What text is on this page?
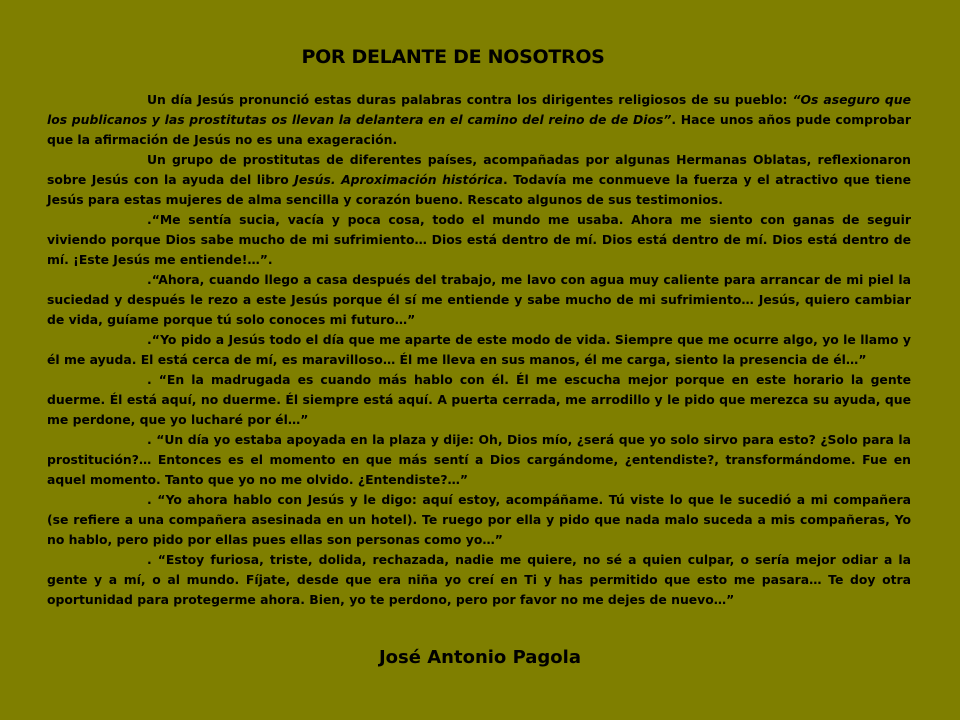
POR DELANTE DE NOSOTROS

Un día Jesús pronunció estas duras palabras contra los dirigentes religiosos de su pueblo: “Os aseguro que los publicanos y las prostitutas os llevan la delantera en el camino del reino de de Dios”. Hace unos años pude comprobar que la afirmación de Jesús no es una exageración.

Un grupo de prostitutas de diferentes países, acompañadas por algunas Hermanas Oblatas, reflexionaron sobre Jesús con la ayuda del libro Jesús. Aproximación histórica. Todavía me conmueve la fuerza y el atractivo que tiene Jesús para estas mujeres de alma sencilla y corazón bueno. Rescato algunos de sus testimonios.

.“Me sentía sucia, vacía y poca cosa, todo el mundo me usaba. Ahora me siento con ganas de seguir viviendo porque Dios sabe mucho de mi sufrimiento… Dios está dentro de mí. Dios está dentro de mí. Dios está dentro de mí. ¡Este Jesús me entiende!…”.

.“Ahora, cuando llego a casa después del trabajo, me lavo con agua muy caliente para arrancar de mi piel la suciedad y después le rezo a este Jesús porque él sí me entiende y sabe mucho de mi sufrimiento… Jesús, quiero cambiar de vida, guíame porque tú solo conoces mi futuro…”

.“Yo pido a Jesús todo el día que me aparte de este modo de vida. Siempre que me ocurre algo, yo le llamo y él me ayuda. El está cerca de mí, es maravilloso… Él me lleva en sus manos, él me carga, siento la presencia de él…”

. “En la madrugada es cuando más hablo con él. Él me escucha mejor porque en este horario la gente duerme. Él está aquí, no duerme. Él siempre está aquí. A puerta cerrada, me arrodillo y le pido que merezca su ayuda, que me perdone, que yo lucharé por él…”

. “Un día yo estaba apoyada en la plaza y dije: Oh, Dios mío, ¿será que yo solo sirvo para esto? ¿Solo para la prostitución?… Entonces es el momento en que más sentí a Dios cargándome, ¿entendiste?, transformándome. Fue en aquel momento. Tanto que yo no me olvido. ¿Entendiste?…”

. “Yo ahora hablo con Jesús y le digo: aquí estoy, acompáñame. Tú viste lo que le sucedió a mi compañera (se refiere a una compañera asesinada en un hotel). Te ruego por ella y pido que nada malo suceda a mis compañeras, Yo no hablo, pero pido por ellas pues ellas son personas como yo…”

. “Estoy furiosa, triste, dolida, rechazada, nadie me quiere, no sé a quien culpar, o sería mejor odiar a la gente y a mí, o al mundo. Fíjate, desde que era niña yo creí en Ti y has permitido que esto me pasara… Te doy otra oportunidad para protegerme ahora. Bien, yo te perdono, pero por favor no me dejes de nuevo…”

José Antonio Pagola
